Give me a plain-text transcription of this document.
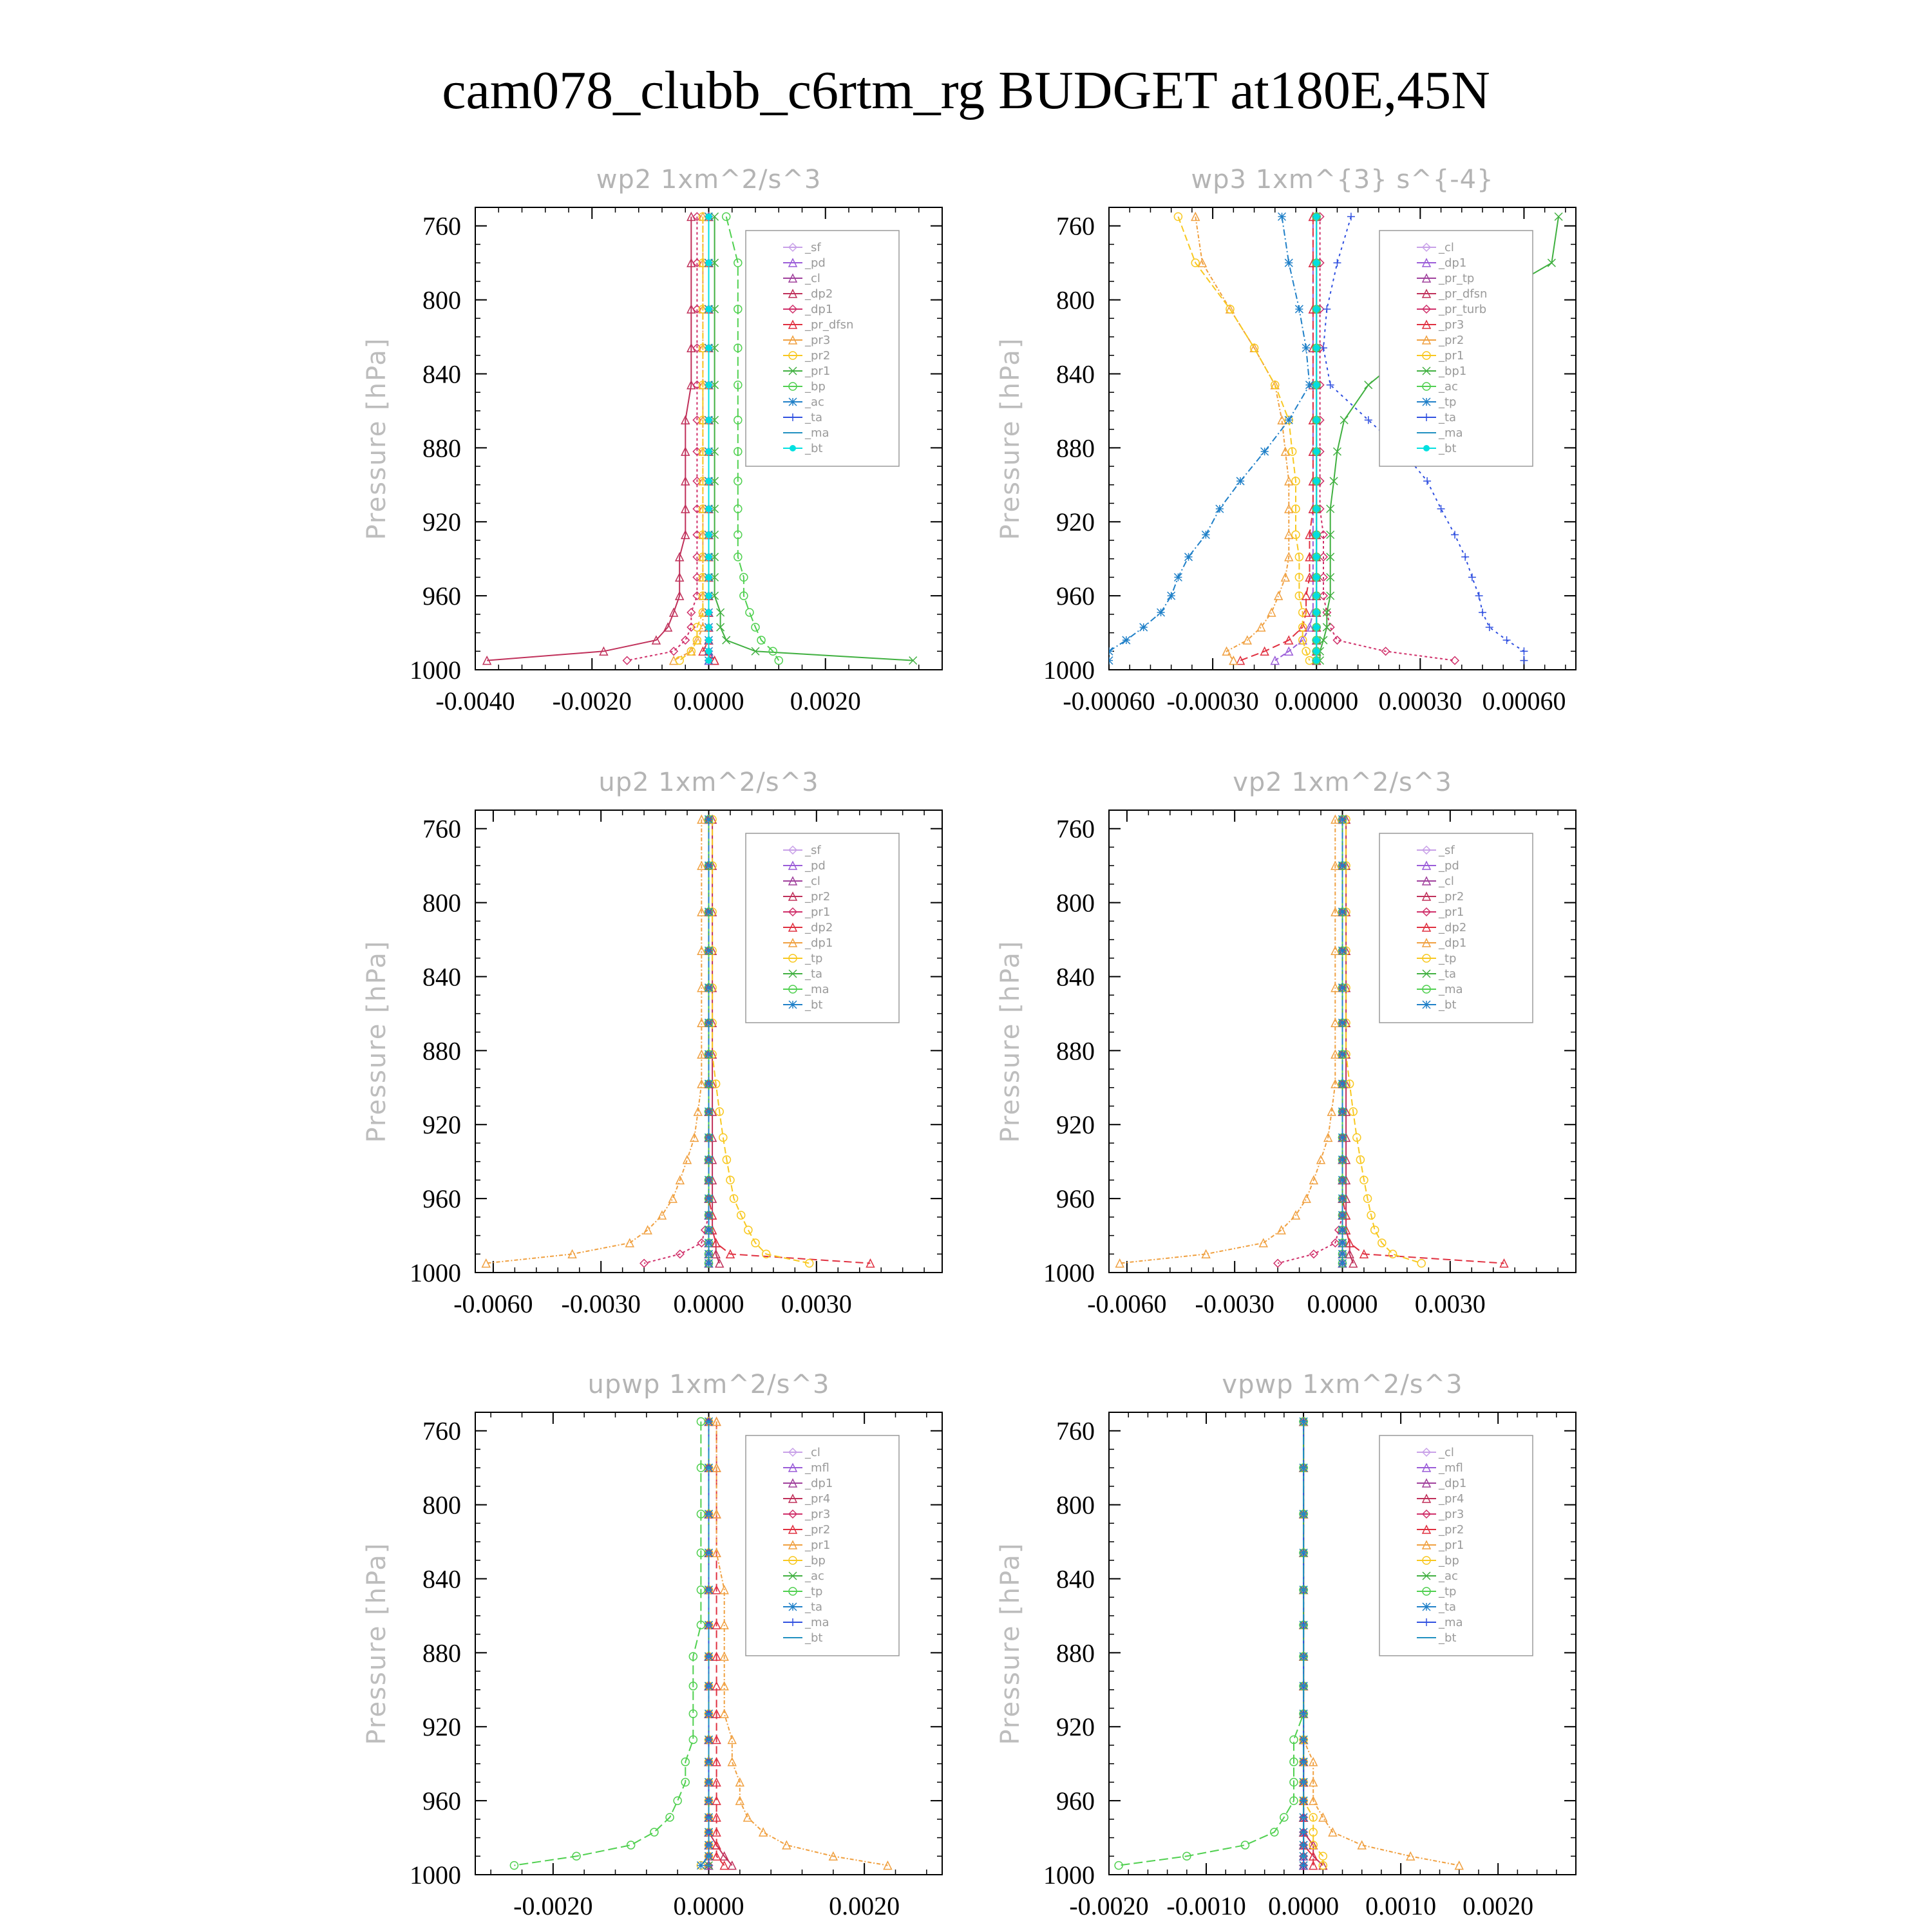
cam078_clubb_c6rtm_rg BUDGET at180E,45N
wp2 1xm^2/s^3
Pressure [hPa]
-0.0040 -0.0020 0.0000 0.0020
760
800
840
880
920
960
1000
_sf
_pd
_cl
_dp2
_dp1
_pr_dfsn
_pr3
_pr2
_pr1
_bp
_ac
_ta
_ma
_bt
wp3 1xm^{3} s^{-4}
Pressure [hPa]
-0.00060 -0.00030 0.00000 0.00030 0.00060
760
800
840
880
920
960
1000
_cl
_dp1
_pr_tp
_pr_dfsn
_pr_turb
_pr3
_pr2
_pr1
_bp1
_ac
_tp
_ta
_ma
_bt
up2 1xm^2/s^3
Pressure [hPa]
-0.0060 -0.0030 0.0000 0.0030
760
800
840
880
920
960
1000
_sf
_pd
_cl
_pr2
_pr1
_dp2
_dp1
_tp
_ta
_ma
_bt
vp2 1xm^2/s^3
Pressure [hPa]
-0.0060 -0.0030 0.0000 0.0030
760
800
840
880
920
960
1000
_sf
_pd
_cl
_pr2
_pr1
_dp2
_dp1
_tp
_ta
_ma
_bt
upwp 1xm^2/s^3
Pressure [hPa]
-0.0020	0.0000	0.0020
760
800
840
880
920
960
1000
_cl
_mfl
_dp1
_pr4
_pr3
_pr2
_pr1
_bp
_ac
_tp
_ta
_ma
_bt
vpwp 1xm^2/s^3
Pressure [hPa]
-0.0020 -0.0010 0.0000 0.0010 0.0020
760
800
840
880
920
960
1000
_cl
_mfl
_dp1
_pr4
_pr3
_pr2
_pr1
_bp
_ac
_tp
_ta
_ma
_bt
